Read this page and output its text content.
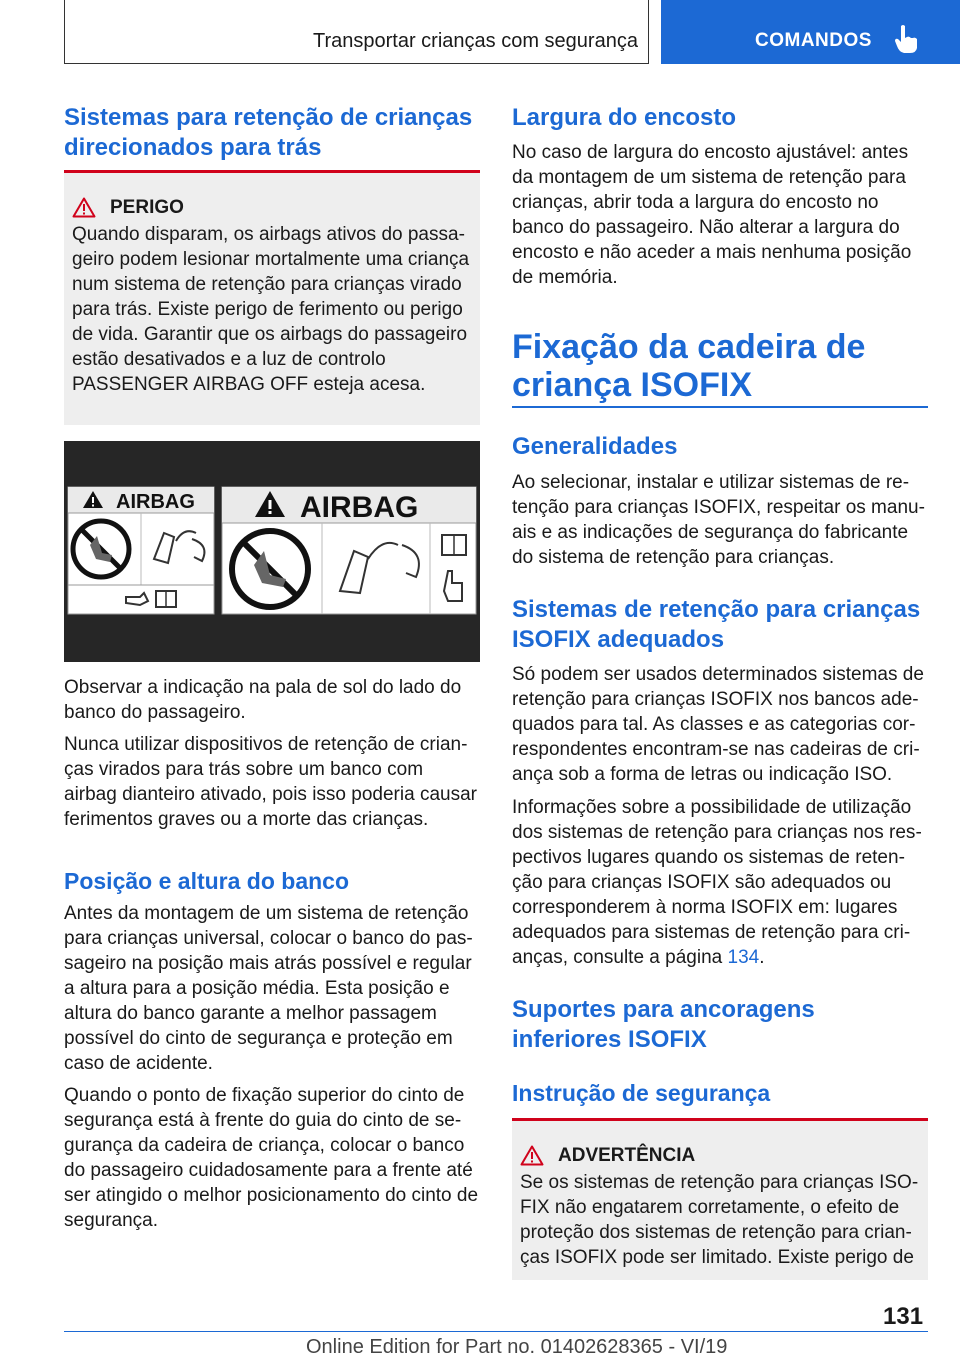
Transportar crianças com segurança	COMANDOS
Sistemas para retenção de crianças direcionados para trás
PERIGO

Quando disparam, os airbags ativos do passageiro podem lesionar mortalmente uma criança num sistema de retenção para crianças virado para trás. Existe perigo de ferimento ou perigo de vida. Garantir que os airbags do passageiro estão desativados e a luz de controlo PASSENGER AIRBAG OFF esteja acesa.

AIRBAG	AIRBAG

Observar a indicação na pala de sol do lado do banco do passageiro.

Nunca utilizar dispositivos de retenção de crianças virados para trás sobre um banco com airbag dianteiro ativado, pois isso poderia causar ferimentos graves ou a morte das crianças.

Posição e altura do banco

Antes da montagem de um sistema de retenção para crianças universal, colocar o banco do passageiro na posição mais atrás possível e regular a altura para a posição média. Esta posição e altura do banco garante a melhor passagem possível do cinto de segurança e proteção em caso de acidente.

Quando o ponto de fixação superior do cinto de segurança está à frente do guia do cinto de segurança da cadeira de criança, colocar o banco do passageiro cuidadosamente para a frente até ser atingido o melhor posicionamento do cinto de segurança.

Largura do encosto

No caso de largura do encosto ajustável: antes da montagem de um sistema de retenção para crianças, abrir toda a largura do encosto no banco do passageiro. Não alterar a largura do encosto e não aceder a mais nenhuma posição de memória.

Fixação da cadeira de criança ISOFIX
Generalidades

Ao selecionar, instalar e utilizar sistemas de retenção para crianças ISOFIX, respeitar os manuais e as indicações de segurança do fabricante do sistema de retenção para crianças.

Sistemas de retenção para crianças ISOFIX adequados

Só podem ser usados determinados sistemas de retenção para crianças ISOFIX nos bancos adequados para tal. As classes e as categorias correspondentes encontram-se nas cadeiras de criança sob a forma de letras ou indicação ISO.

Informações sobre a possibilidade de utilização dos sistemas de retenção para crianças nos respectivos lugares quando os sistemas de retenção para crianças ISOFIX são adequados ou corresponderem à norma ISOFIX em: lugares adequados para sistemas de retenção para crianças, consulte a página 134.

Suportes para ancoragens inferiores ISOFIX
Instrução de segurança
ADVERTÊNCIA

Se os sistemas de retenção para crianças ISOFIX não engatarem corretamente, o efeito de proteção dos sistemas de retenção para crianças ISOFIX pode ser limitado. Existe perigo de

131
Online Edition for Part no. 01402628365 - VI/19
